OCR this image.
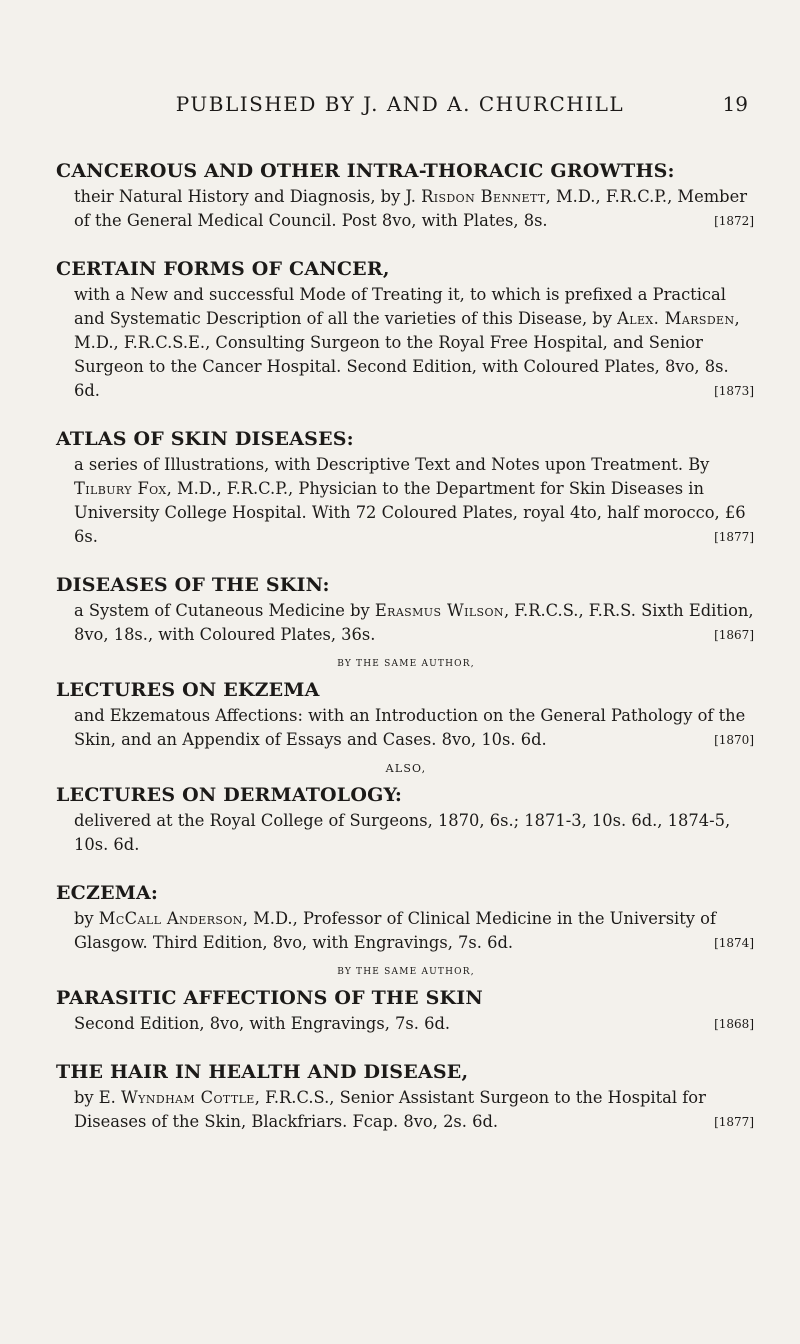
PUBLISHED BY J. AND A. CHURCHILL	19
CANCEROUS AND OTHER INTRA-THORACIC GROWTHS:
their Natural History and Diagnosis, by J. Risdon Bennett, M.D., F.R.C.P., Member of the General Medical Council. Post 8vo, with Plates, 8s.	[1872]
CERTAIN FORMS OF CANCER,
with a New and successful Mode of Treating it, to which is prefixed a Practical and Systematic Description of all the varieties of this Disease, by Alex. Marsden, M.D., F.R.C.S.E., Consulting Surgeon to the Royal Free Hospital, and Senior Surgeon to the Cancer Hospital. Second Edition, with Coloured Plates, 8vo, 8s. 6d.	[1873]
ATLAS OF SKIN DISEASES:
a series of Illustrations, with Descriptive Text and Notes upon Treatment. By Tilbury Fox, M.D., F.R.C.P., Physician to the Department for Skin Diseases in University College Hospital. With 72 Coloured Plates, royal 4to, half morocco, £6 6s.	[1877]
DISEASES OF THE SKIN:
a System of Cutaneous Medicine by Erasmus Wilson, F.R.C.S., F.R.S. Sixth Edition, 8vo, 18s., with Coloured Plates, 36s.	[1867]
BY THE SAME AUTHOR,
LECTURES ON EKZEMA
and Ekzematous Affections: with an Introduction on the General Pathology of the Skin, and an Appendix of Essays and Cases. 8vo, 10s. 6d.	[1870]
ALSO,
LECTURES ON DERMATOLOGY:
delivered at the Royal College of Surgeons, 1870, 6s.; 1871-3, 10s. 6d., 1874-5, 10s. 6d.
ECZEMA:
by McCall Anderson, M.D., Professor of Clinical Medicine in the University of Glasgow. Third Edition, 8vo, with Engravings, 7s. 6d.	[1874]
BY THE SAME AUTHOR,
PARASITIC AFFECTIONS OF THE SKIN
Second Edition, 8vo, with Engravings, 7s. 6d.	[1868]
THE HAIR IN HEALTH AND DISEASE,
by E. Wyndham Cottle, F.R.C.S., Senior Assistant Surgeon to the Hospital for Diseases of the Skin, Blackfriars. Fcap. 8vo, 2s. 6d.	[1877]
